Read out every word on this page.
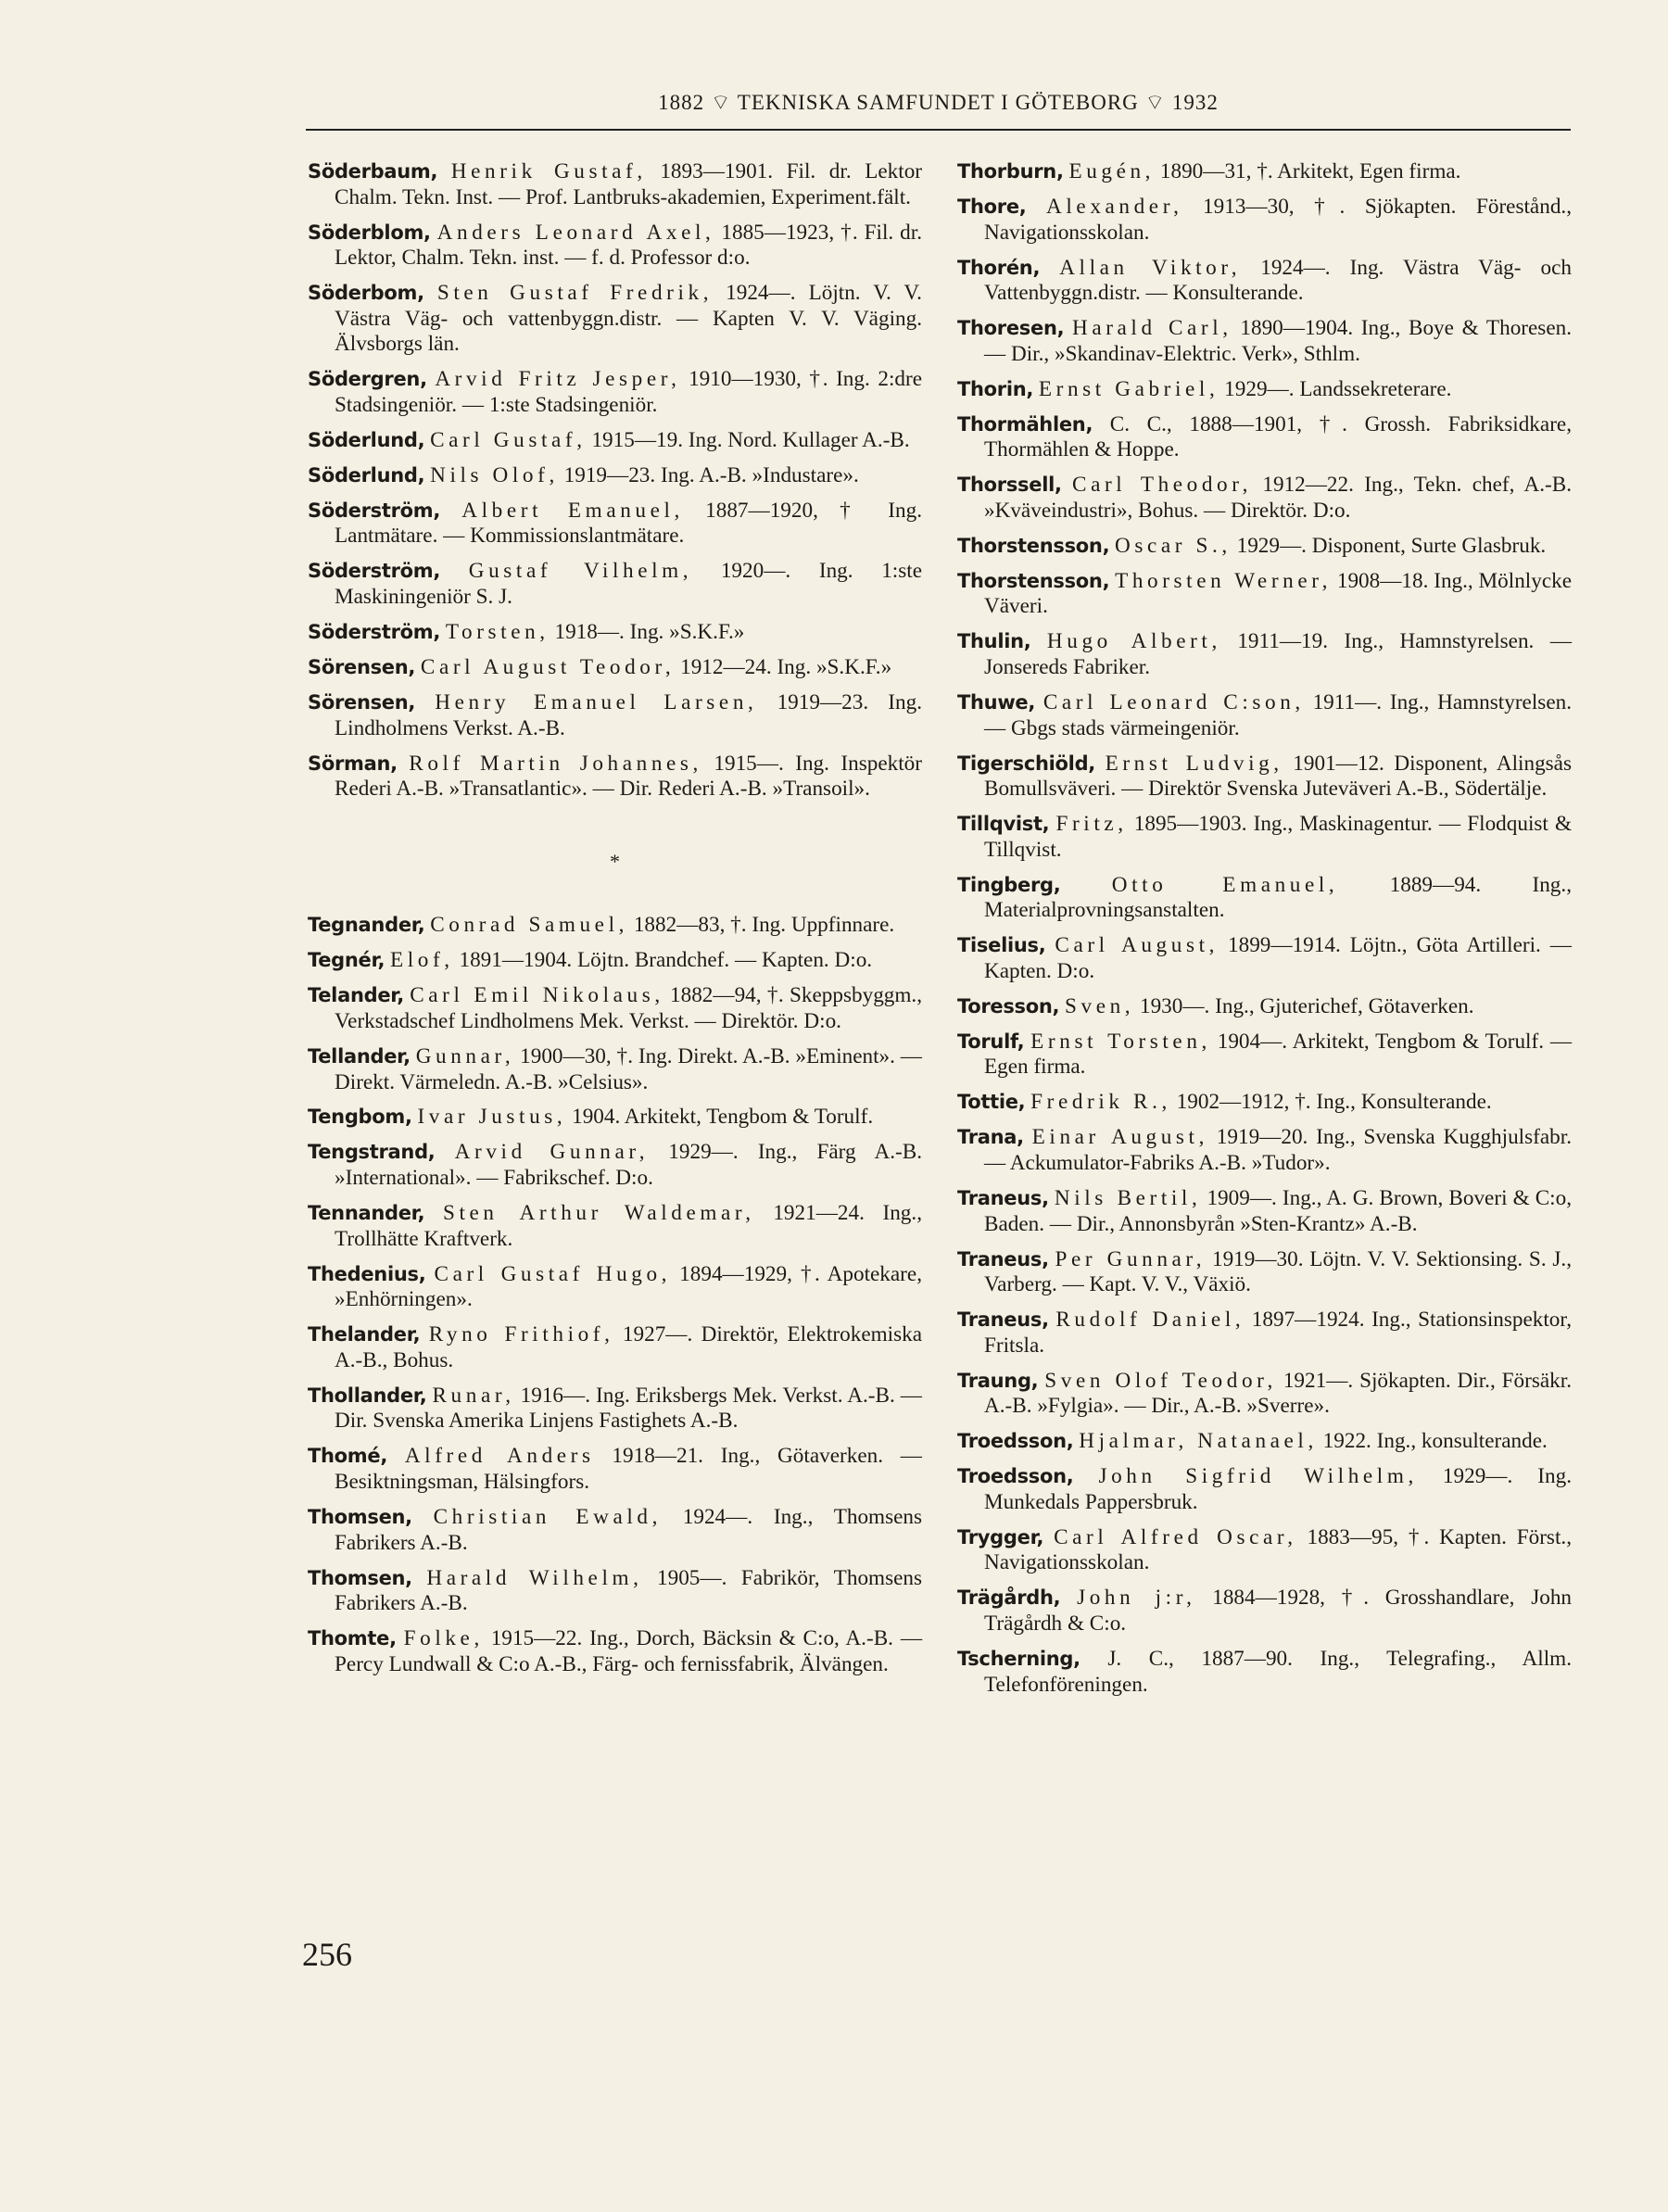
1882 ⌔ TEKNISKA SAMFUNDET I GÖTEBORG ⌔ 1932

Söderbaum, Henrik Gustaf, 1893—1901. Fil. dr. Lektor Chalm. Tekn. Inst. — Prof. Lantbruks-akademien, Experiment.fält.

Söderblom, Anders Leonard Axel, 1885—1923, †. Fil. dr. Lektor, Chalm. Tekn. inst. — f. d. Professor d:o.

Söderbom, Sten Gustaf Fredrik, 1924—. Löjtn. V. V. Västra Väg- och vattenbyggn.distr. — Kapten V. V. Väging. Älvsborgs län.

Södergren, Arvid Fritz Jesper, 1910—1930, †. Ing. 2:dre Stadsingeniör. — 1:ste Stadsingeniör.

Söderlund, Carl Gustaf, 1915—19. Ing. Nord. Kullager A.-B.

Söderlund, Nils Olof, 1919—23. Ing. A.-B. »Industare».

Söderström, Albert Emanuel, 1887—1920, † Ing. Lantmätare. — Kommissionslantmätare.

Söderström, Gustaf Vilhelm, 1920—. Ing. 1:ste Maskiningeniör S. J.

Söderström, Torsten, 1918—. Ing. »S.K.F.»

Sörensen, Carl August Teodor, 1912—24. Ing. »S.K.F.»

Sörensen, Henry Emanuel Larsen, 1919—23. Ing. Lindholmens Verkst. A.-B.

Sörman, Rolf Martin Johannes, 1915—. Ing. Inspektör Rederi A.-B. »Transatlantic». — Dir. Rederi A.-B. »Transoil».

*

Tegnander, Conrad Samuel, 1882—83, †. Ing. Uppfinnare.

Tegnér, Elof, 1891—1904. Löjtn. Brandchef. — Kapten. D:o.

Telander, Carl Emil Nikolaus, 1882—94, †. Skeppsbyggm., Verkstadschef Lindholmens Mek. Verkst. — Direktör. D:o.

Tellander, Gunnar, 1900—30, †. Ing. Direkt. A.-B. »Eminent». — Direkt. Värmeledn. A.-B. »Celsius».

Tengbom, Ivar Justus, 1904. Arkitekt, Tengbom & Torulf.

Tengstrand, Arvid Gunnar, 1929—. Ing., Färg A.-B. »International». — Fabrikschef. D:o.

Tennander, Sten Arthur Waldemar, 1921—24. Ing., Trollhätte Kraftverk.

Thedenius, Carl Gustaf Hugo, 1894—1929, †. Apotekare, »Enhörningen».

Thelander, Ryno Frithiof, 1927—. Direktör, Elektrokemiska A.-B., Bohus.

Thollander, Runar, 1916—. Ing. Eriksbergs Mek. Verkst. A.-B. — Dir. Svenska Amerika Linjens Fastighets A.-B.

Thomé, Alfred Anders 1918—21. Ing., Götaverken. — Besiktningsman, Hälsingfors.

Thomsen, Christian Ewald, 1924—. Ing., Thomsens Fabrikers A.-B.

Thomsen, Harald Wilhelm, 1905—. Fabrikör, Thomsens Fabrikers A.-B.

Thomte, Folke, 1915—22. Ing., Dorch, Bäcksin & C:o, A.-B. — Percy Lundwall & C:o A.-B., Färg- och fernissfabrik, Älvängen.

Thorburn, Eugén, 1890—31, †. Arkitekt, Egen firma.

Thore, Alexander, 1913—30, †. Sjökapten. Förestånd., Navigationsskolan.

Thorén, Allan Viktor, 1924—. Ing. Västra Väg- och Vattenbyggn.distr. — Konsulterande.

Thoresen, Harald Carl, 1890—1904. Ing., Boye & Thoresen. — Dir., »Skandinav-Elektric. Verk», Sthlm.

Thorin, Ernst Gabriel, 1929—. Landssekreterare.

Thormählen, C. C., 1888—1901, †. Grossh. Fabriksidkare, Thormählen & Hoppe.

Thorssell, Carl Theodor, 1912—22. Ing., Tekn. chef, A.-B. »Kväveindustri», Bohus. — Direktör. D:o.

Thorstensson, Oscar S., 1929—. Disponent, Surte Glasbruk.

Thorstensson, Thorsten Werner, 1908—18. Ing., Mölnlycke Väveri.

Thulin, Hugo Albert, 1911—19. Ing., Hamnstyrelsen. — Jonsereds Fabriker.

Thuwe, Carl Leonard C:son, 1911—. Ing., Hamnstyrelsen. — Gbgs stads värmeingeniör.

Tigerschiöld, Ernst Ludvig, 1901—12. Disponent, Alingsås Bomullsväveri. — Direktör Svenska Juteväveri A.-B., Södertälje.

Tillqvist, Fritz, 1895—1903. Ing., Maskinagentur. — Flodquist & Tillqvist.

Tingberg, Otto Emanuel, 1889—94. Ing., Materialprovningsanstalten.

Tiselius, Carl August, 1899—1914. Löjtn., Göta Artilleri. — Kapten. D:o.

Toresson, Sven, 1930—. Ing., Gjuterichef, Götaverken.

Torulf, Ernst Torsten, 1904—. Arkitekt, Tengbom & Torulf. — Egen firma.

Tottie, Fredrik R., 1902—1912, †. Ing., Konsulterande.

Trana, Einar August, 1919—20. Ing., Svenska Kugghjulsfabr. — Ackumulator-Fabriks A.-B. »Tudor».

Traneus, Nils Bertil, 1909—. Ing., A. G. Brown, Boveri & C:o, Baden. — Dir., Annonsbyrån »Sten-Krantz» A.-B.

Traneus, Per Gunnar, 1919—30. Löjtn. V. V. Sektionsing. S. J., Varberg. — Kapt. V. V., Växiö.

Traneus, Rudolf Daniel, 1897—1924. Ing., Stationsinspektor, Fritsla.

Traung, Sven Olof Teodor, 1921—. Sjökapten. Dir., Försäkr. A.-B. »Fylgia». — Dir., A.-B. »Sverre».

Troedsson, Hjalmar, Natanael, 1922. Ing., konsulterande.

Troedsson, John Sigfrid Wilhelm, 1929—. Ing. Munkedals Pappersbruk.

Trygger, Carl Alfred Oscar, 1883—95, †. Kapten. Först., Navigationsskolan.

Trägårdh, John j:r, 1884—1928, †. Grosshandlare, John Trägårdh & C:o.

Tscherning, J. C., 1887—90. Ing., Telegrafing., Allm. Telefonföreningen.

256
